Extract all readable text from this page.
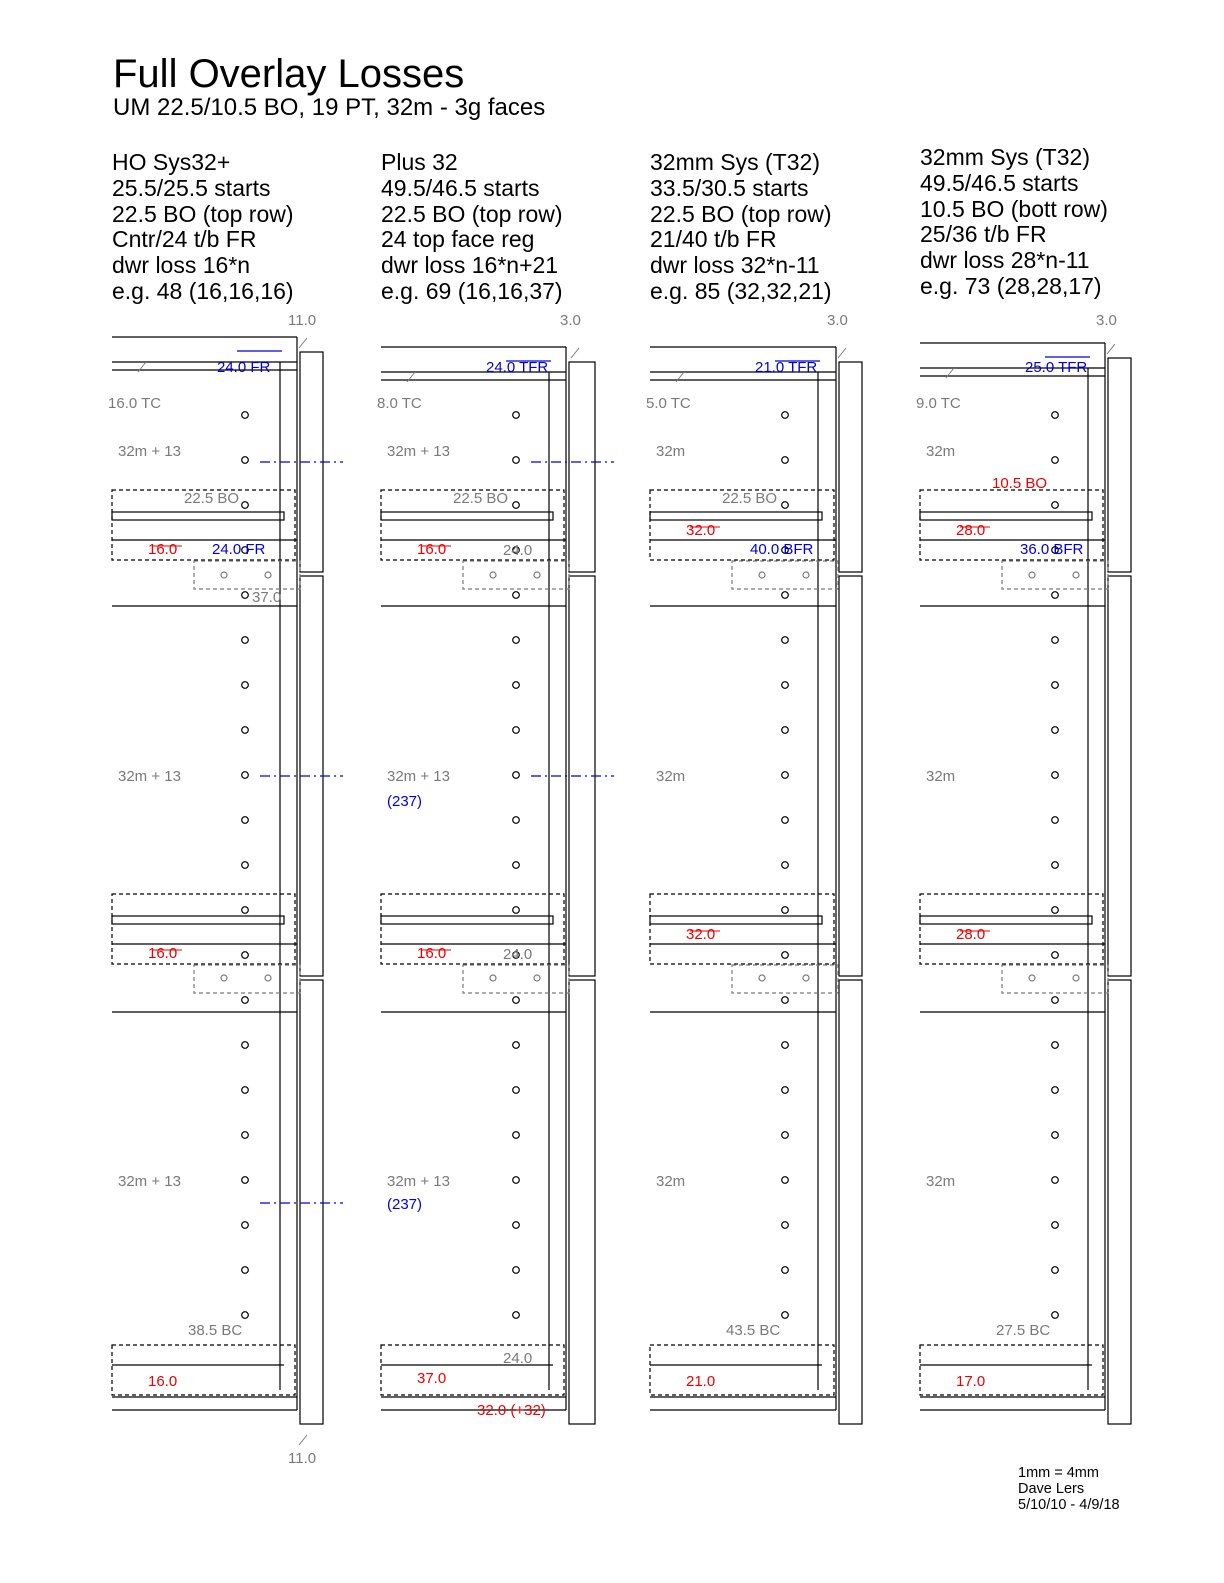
Full Overlay Losses
UM 22.5/10.5 BO, 19 PT, 32m - 3g faces
HO Sys32+
25.5/25.5 starts
22.5 BO (top row)
Cntr/24 t/b FR
dwr loss 16*n
e.g. 48 (16,16,16)
Plus 32
49.5/46.5 starts
22.5 BO (top row)
24 top face reg
dwr loss 16*n+21
e.g. 69 (16,16,37)
32mm Sys (T32)
33.5/30.5 starts
22.5 BO (top row)
21/40 t/b FR
dwr loss 32*n-11
e.g. 85 (32,32,21)
32mm Sys (T32)
49.5/46.5 starts
10.5 BO (bott row)
25/36 t/b FR
dwr loss 28*n-11
e.g. 73 (28,28,17)
11.0
16.0 TC
24.0 FR
32m + 13
32m + 13
32m + 13
22.5 BO
16.0
16.0
24.0 FR
37.0
38.5 BC
16.0
11.0
3.0
8.0 TC
24.0 TFR
32m + 13
32m + 13
32m + 13
(237)
(237)
22.5 BO
16.0
16.0
24.0
24.0
24.0
37.0
32.0 (+32)
3.0
5.0 TC
21.0 TFR
32m
32m
32m
22.5 BO
32.0
32.0
40.0 BFR
43.5 BC
21.0
3.0
9.0 TC
25.0 TFR
32m
32m
32m
10.5 BO
28.0
28.0
36.0 BFR
27.5 BC
17.0
1mm = 4mm
Dave Lers
5/10/10 - 4/9/18
